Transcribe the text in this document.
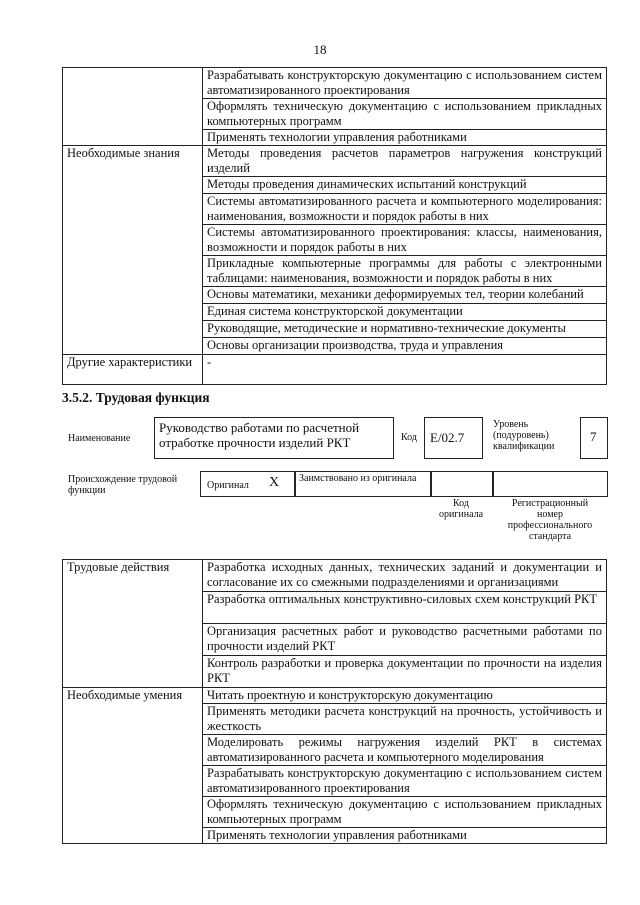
18
	Разрабатывать конструкторскую документацию с использованием систем автоматизированного проектирования
	Оформлять техническую документацию с использованием прикладных компьютерных программ
	Применять технологии управления работниками
Необходимые знания	Методы проведения расчетов параметров нагружения конструкций изделий
	Методы проведения динамических испытаний конструкций
	Системы автоматизированного расчета и компьютерного моделирования: наименования, возможности и порядок работы в них
	Системы автоматизированного проектирования: классы, наименования, возможности и порядок работы в них
	Прикладные компьютерные программы для работы с электронными таблицами: наименования, возможности и порядок работы в них
	Основы математики, механики деформируемых тел, теории колебаний
	Единая система конструкторской документации
	Руководящие, методические и нормативно-технические документы
	Основы организации производства, труда и управления
Другие характеристики	-
3.5.2. Трудовая функция
Наименование
Руководство работами по расчетной отработке прочности изделий РКТ	Код	E/02.7
Уровень (подуровень) квалификации
7
Происхождение трудовой функции	Оригинал X Заимствовано из оригинала
Код оригинала
Регистрационный номер профессионального стандарта
Трудовые действия	Разработка исходных данных, технических заданий и документации и согласование их со смежными подразделениями и организациями
	Разработка оптимальных конструктивно-силовых схем конструкций РКТ
	Организация расчетных работ и руководство расчетными работами по прочности изделий РКТ
	Контроль разработки и проверка документации по прочности на изделия РКТ
Необходимые умения	Читать проектную и конструкторскую документацию
	Применять методики расчета конструкций на прочность, устойчивость и жесткость
	Моделировать режимы нагружения изделий РКТ в системах автоматизированного расчета и компьютерного моделирования
	Разрабатывать конструкторскую документацию с использованием систем автоматизированного проектирования
	Оформлять техническую документацию с использованием прикладных компьютерных программ
	Применять технологии управления работниками
